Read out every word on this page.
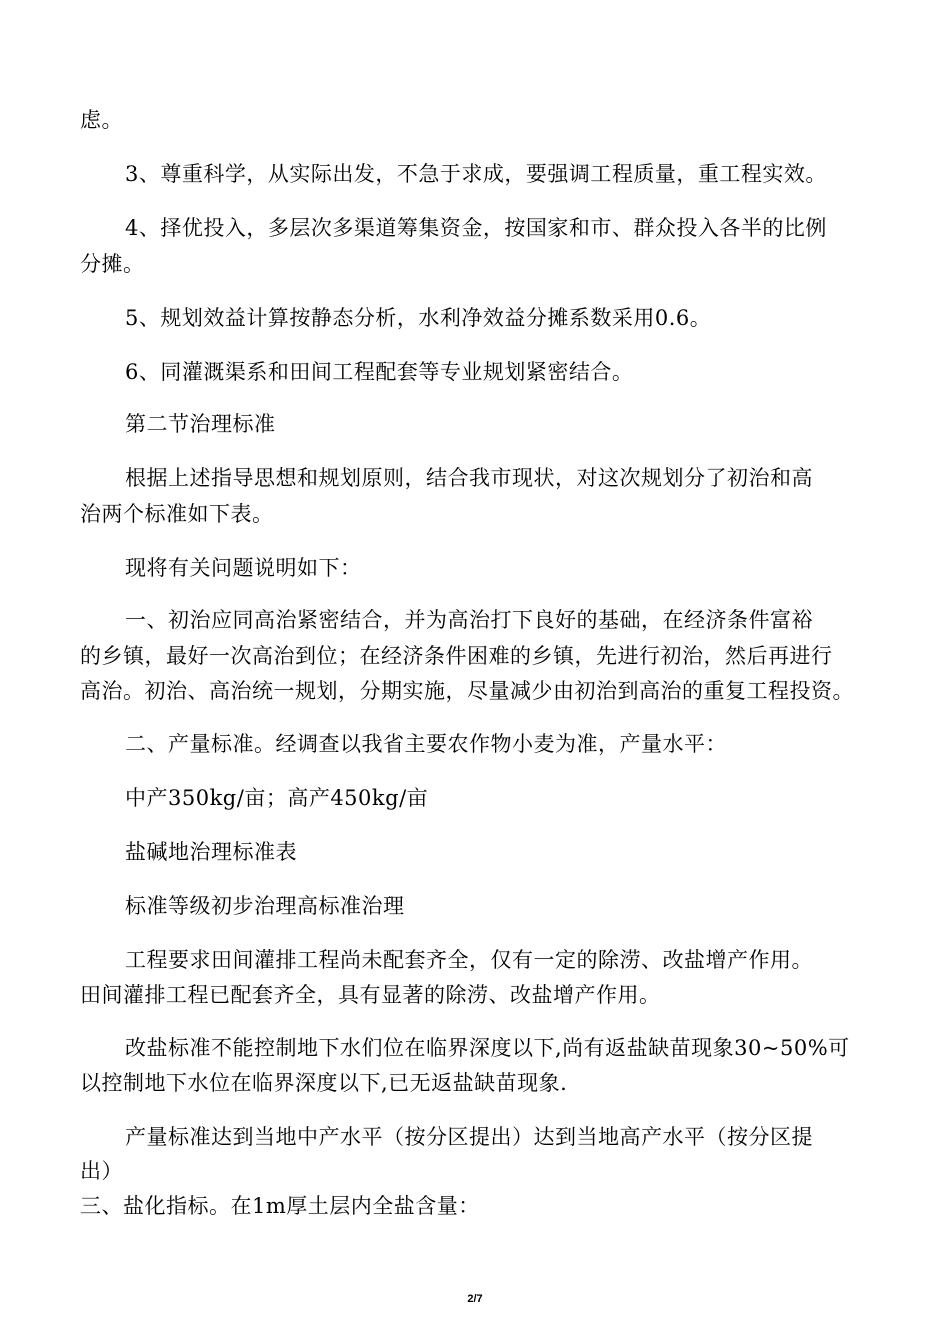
虑。
3、尊重科学，从实际出发，不急于求成，要强调工程质量，重工程实效。
4、择优投入，多层次多渠道筹集资金，按国家和市、群众投入各半的比例
分摊。
5、规划效益计算按静态分析，水利净效益分摊系数采用0.6。
6、同灌溉渠系和田间工程配套等专业规划紧密结合。
第二节治理标准
根据上述指导思想和规划原则，结合我市现状，对这次规划分了初治和高
治两个标准如下表。
现将有关问题说明如下：
一、初治应同高治紧密结合，并为高治打下良好的基础，在经济条件富裕
的乡镇，最好一次高治到位；在经济条件困难的乡镇，先进行初治，然后再进行
高治。初治、高治统一规划，分期实施，尽量减少由初治到高治的重复工程投资。
二、产量标准。经调查以我省主要农作物小麦为准，产量水平：
中产350kg/亩；高产450kg/亩
盐碱地治理标准表
标准等级初步治理高标准治理
工程要求田间灌排工程尚未配套齐全，仅有一定的除涝、改盐增产作用。
田间灌排工程已配套齐全，具有显著的除涝、改盐增产作用。
改盐标准不能控制地下水们位在临界深度以下,尚有返盐缺苗现象30~50%可
以控制地下水位在临界深度以下,已无返盐缺苗现象.
产量标准达到当地中产水平（按分区提出）达到当地高产水平（按分区提
出）
三、盐化指标。在1m厚土层内全盐含量：
2/7
